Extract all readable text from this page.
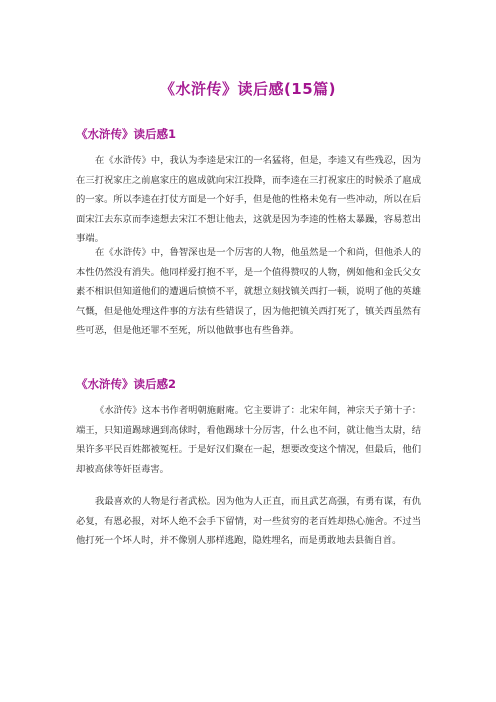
《水浒传》读后感(15篇)
《水浒传》读后感1
在《水浒传》中，我认为李逵是宋江的一名猛将，但是，李逵又有些残忍，因为在三打祝家庄之前扈家庄的扈成就向宋江投降，而李逵在三打祝家庄的时候杀了扈成的一家。所以李逵在打仗方面是一个好手，但是他的性格未免有一些冲动，所以在后面宋江去东京而李逵想去宋江不想让他去，这就是因为李逵的性格太暴躁，容易惹出事端。
在《水浒传》中，鲁智深也是一个厉害的人物，他虽然是一个和尚，但他杀人的本性仍然没有消失。他同样爱打抱不平，是一个值得赞叹的人物，例如他和金氏父女素不相识但知道他们的遭遇后愤愤不平，就想立刻找镇关西打一顿，说明了他的英雄气慨，但是他处理这件事的方法有些错误了，因为他把镇关西打死了，镇关西虽然有些可恶，但是他还罪不至死，所以他做事也有些鲁莽。
《水浒传》读后感2
《水浒传》这本书作者明朝施耐庵。它主要讲了：北宋年间，神宗天子第十子：端王，只知道踢球遇到高俅时，看他踢球十分厉害，什么也不问，就让他当太尉，结果许多平民百姓都被冤枉。于是好汉们聚在一起，想要改变这个情况，但最后，他们却被高俅等奸臣毒害。
我最喜欢的人物是行者武松。因为他为人正直，而且武艺高强，有勇有谋，有仇必复，有恩必报，对坏人绝不会手下留情，对一些贫穷的老百姓却热心施舍。不过当他打死一个坏人时，并不像别人那样逃跑，隐姓埋名，而是勇敢地去县衙自首。
